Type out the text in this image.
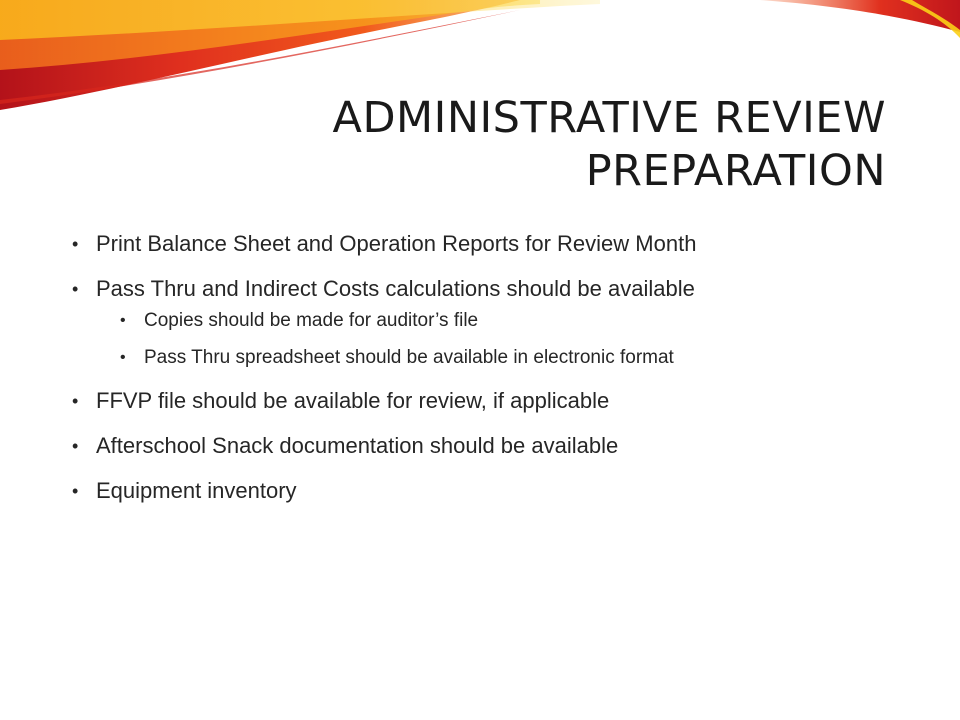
ADMINISTRATIVE REVIEW
PREPARATION
• Print Balance Sheet and Operation Reports for Review Month
• Pass Thru and Indirect Costs calculations should be available
• Copies should be made for auditor’s file
• Pass Thru spreadsheet should be available in electronic format
• FFVP file should be available for review, if applicable
• Afterschool Snack documentation should be available
• Equipment inventory
